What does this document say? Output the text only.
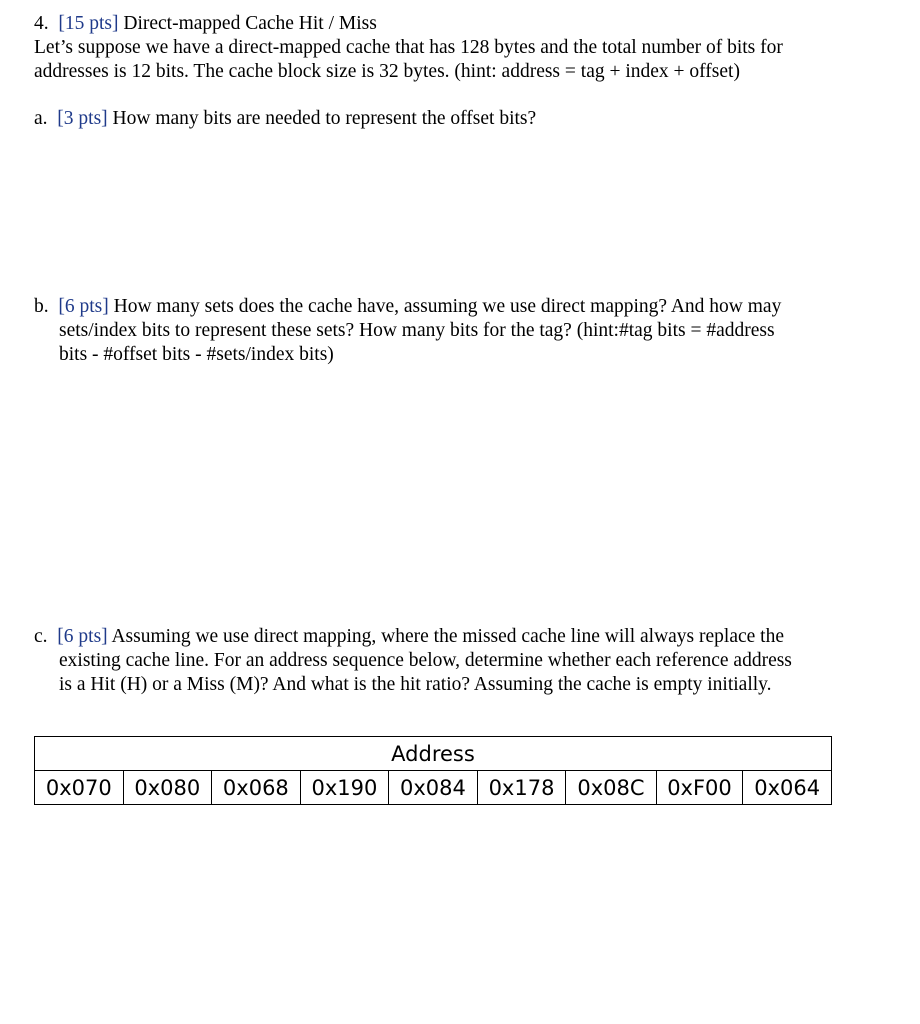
4. [15 pts] Direct-mapped Cache Hit / Miss
Let’s suppose we have a direct-mapped cache that has 128 bytes and the total number of bits for
addresses is 12 bits. The cache block size is 32 bytes. (hint: address = tag + index + offset)
a. [3 pts] How many bits are needed to represent the offset bits?
b. [6 pts] How many sets does the cache have, assuming we use direct mapping? And how may
sets/index bits to represent these sets? How many bits for the tag? (hint:#tag bits = #address
bits - #offset bits - #sets/index bits)
c. [6 pts] Assuming we use direct mapping, where the missed cache line will always replace the
existing cache line. For an address sequence below, determine whether each reference address
is a Hit (H) or a Miss (M)? And what is the hit ratio? Assuming the cache is empty initially.
Address
0x070	0x080	0x068	0x190	0x084	0x178	0x08C	0xF00	0x064
